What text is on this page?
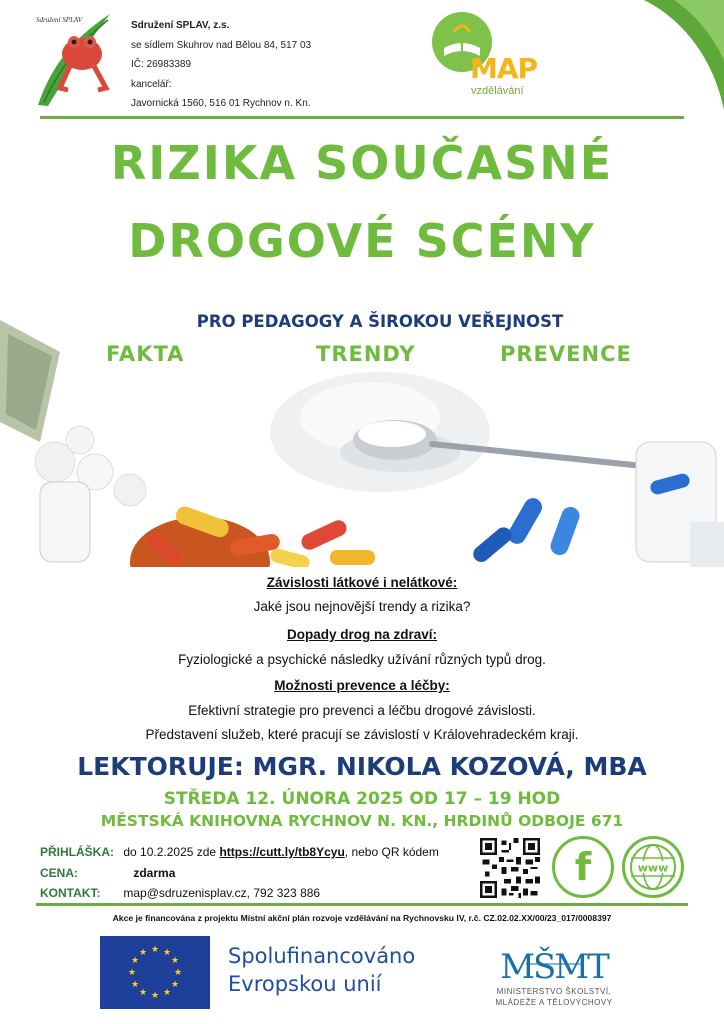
Sdružení SPLAV	Sdružení SPLAV, z.s.
se sídlem Skuhrov nad Bělou 84, 517 03
IČ: 26983389
kancelář:
Javornická 1560, 516 01 Rychnov n. Kn.
MAP
vzdělávání
RIZIKA SOUČASNÉ
DROGOVÉ SCÉNY
PRO PEDAGOGY A ŠIROKOU VEŘEJNOST
FAKTA	TRENDY	PREVENCE
Závislosti látkové i nelátkové:
Jaké jsou nejnovější trendy a rizika?
Dopady drog na zdraví:
Fyziologické a psychické následky užívání různých typů drog.
Možnosti prevence a léčby:
Efektivní strategie pro prevenci a léčbu drogové závislosti.
Představení služeb, které pracují se závislostí v Královehradeckém kraji.
LEKTORUJE: MGR. NIKOLA KOZOVÁ, MBA
STŘEDA 12. ÚNORA 2025 OD 17 – 19 HOD
MĚSTSKÁ KNIHOVNA RYCHNOV N. KN., HRDINŮ ODBOJE 671
PŘIHLÁŠKA: do 10.2.2025 zde https://cutt.ly/tb8Ycyu, nebo QR kódem
CENA:	zdarma
KONTAKT: map@sdruzenisplav.cz, 792 323 886
f	www
Akce je financována z projektu Místní akční plán rozvoje vzdělávání na Rychnovsku IV, r.č. CZ.02.02.XX/00/23_017/0008397
★ ★
★
★
★
★
★
★
★
★
★
★	Spolufinancováno
Evropskou unií	MŠMT
MINISTERSTVO ŠKOLSTVÍ,
MLÁDEŽE A TĚLOVÝCHOVY
